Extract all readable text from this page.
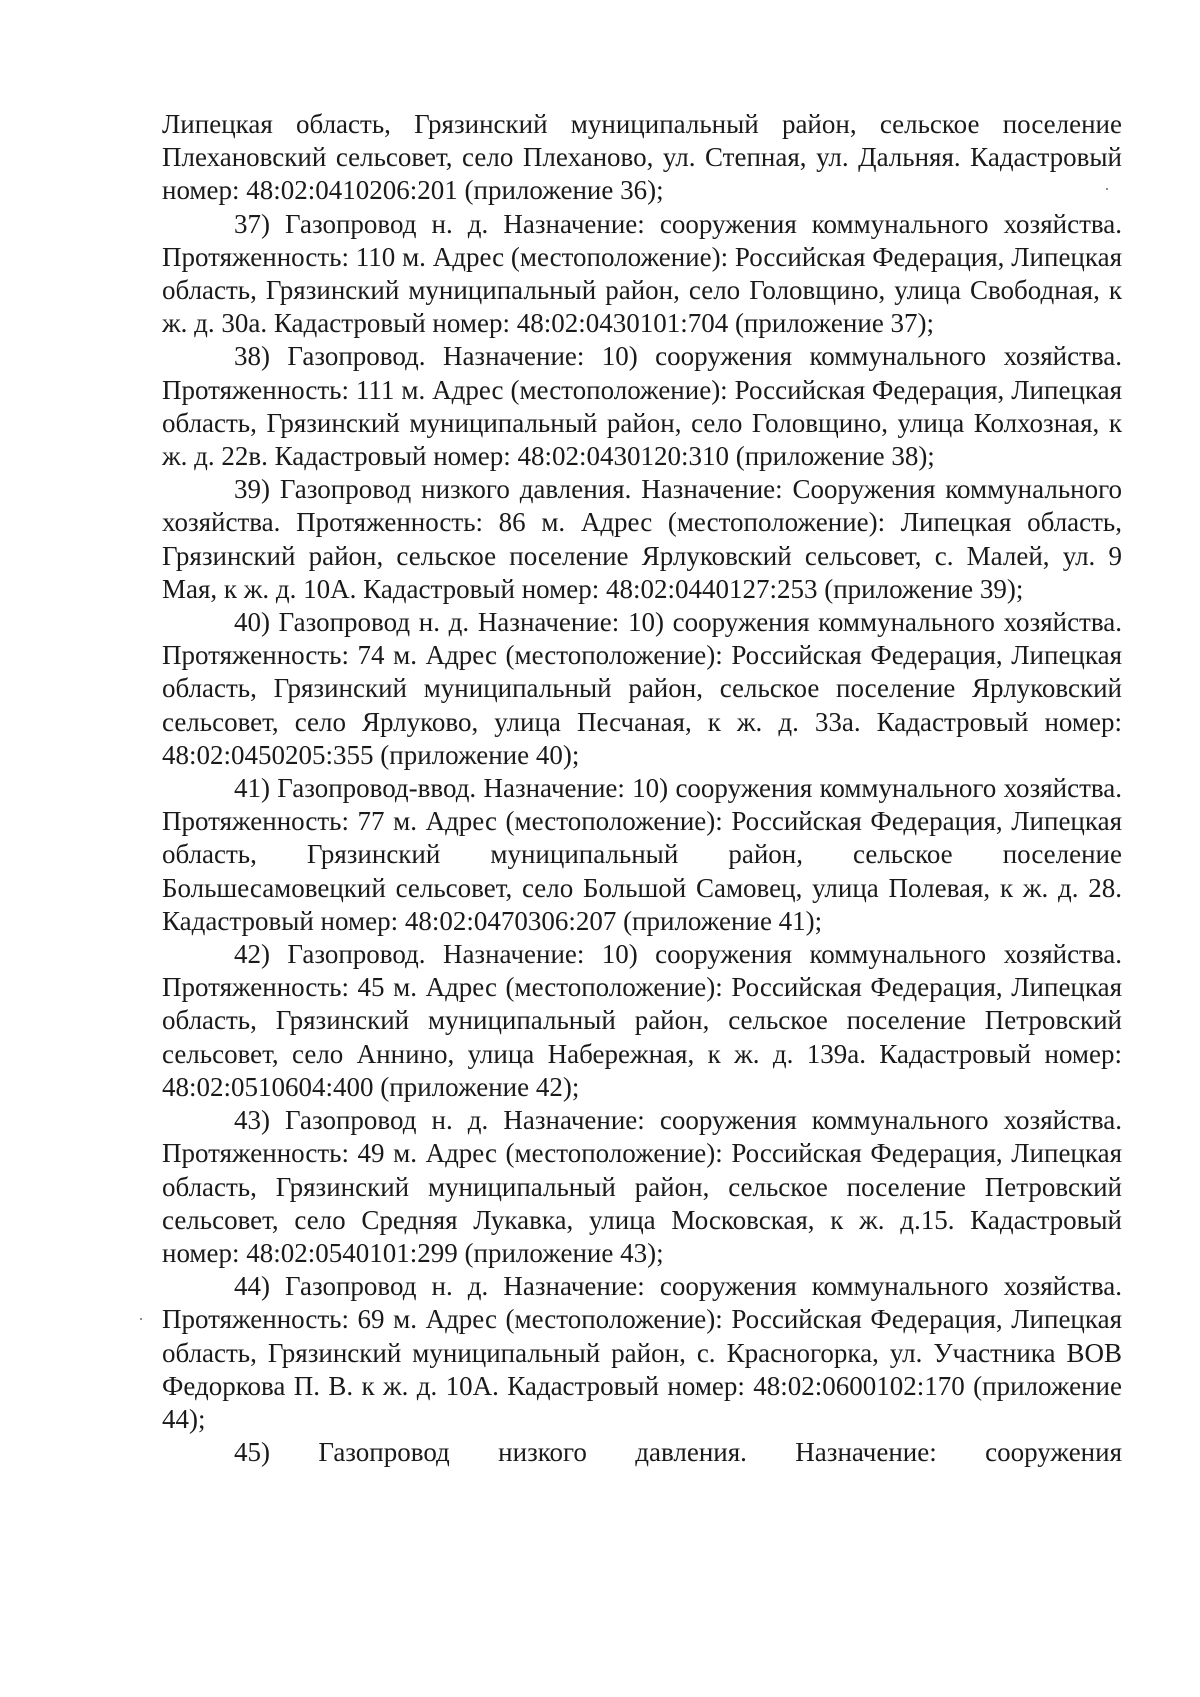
Липецкая область, Грязинский муниципальный район, сельское поселение Плехановский сельсовет, село Плеханово, ул. Степная, ул. Дальняя. Кадастровый номер: 48:02:0410206:201 (приложение 36);

37) Газопровод н. д. Назначение: сооружения коммунального хозяйства. Протяженность: 110 м. Адрес (местоположение): Российская Федерация, Липецкая область, Грязинский муниципальный район, село Головщино, улица Свободная, к ж. д. 30а. Кадастровый номер: 48:02:0430101:704 (приложение 37);

38) Газопровод. Назначение: 10) сооружения коммунального хозяйства. Протяженность: 111 м. Адрес (местоположение): Российская Федерация, Липецкая область, Грязинский муниципальный район, село Головщино, улица Колхозная, к ж. д. 22в. Кадастровый номер: 48:02:0430120:310 (приложение 38);

39) Газопровод низкого давления. Назначение: Сооружения коммунального хозяйства. Протяженность: 86 м. Адрес (местоположение): Липецкая область, Грязинский район, сельское поселение Ярлуковский сельсовет, с. Малей, ул. 9 Мая, к ж. д. 10А. Кадастровый номер: 48:02:0440127:253 (приложение 39);

40) Газопровод н. д. Назначение: 10) сооружения коммунального хозяйства. Протяженность: 74 м. Адрес (местоположение): Российская Федерация, Липецкая область, Грязинский муниципальный район, сельское поселение Ярлуковский сельсовет, село Ярлуково, улица Песчаная, к ж. д. 33а. Кадастровый номер: 48:02:0450205:355 (приложение 40);

41) Газопровод-ввод. Назначение: 10) сооружения коммунального хозяйства. Протяженность: 77 м. Адрес (местоположение): Российская Федерация, Липецкая область, Грязинский муниципальный район, сельское поселение Большесамовецкий сельсовет, село Большой Самовец, улица Полевая, к ж. д. 28. Кадастровый номер: 48:02:0470306:207 (приложение 41);

42) Газопровод. Назначение: 10) сооружения коммунального хозяйства. Протяженность: 45 м. Адрес (местоположение): Российская Федерация, Липецкая область, Грязинский муниципальный район, сельское поселение Петровский сельсовет, село Аннино, улица Набережная, к ж. д. 139а. Кадастровый номер: 48:02:0510604:400 (приложение 42);

43) Газопровод н. д. Назначение: сооружения коммунального хозяйства. Протяженность: 49 м. Адрес (местоположение): Российская Федерация, Липецкая область, Грязинский муниципальный район, сельское поселение Петровский сельсовет, село Средняя Лукавка, улица Московская, к ж. д.15. Кадастровый номер: 48:02:0540101:299 (приложение 43);

44) Газопровод н. д. Назначение: сооружения коммунального хозяйства. Протяженность: 69 м. Адрес (местоположение): Российская Федерация, Липецкая область, Грязинский муниципальный район, с. Красногорка, ул. Участника ВОВ Федоркова П. В. к ж. д. 10А. Кадастровый номер: 48:02:0600102:170 (приложение 44);

45) Газопровод низкого давления. Назначение: сооружения
